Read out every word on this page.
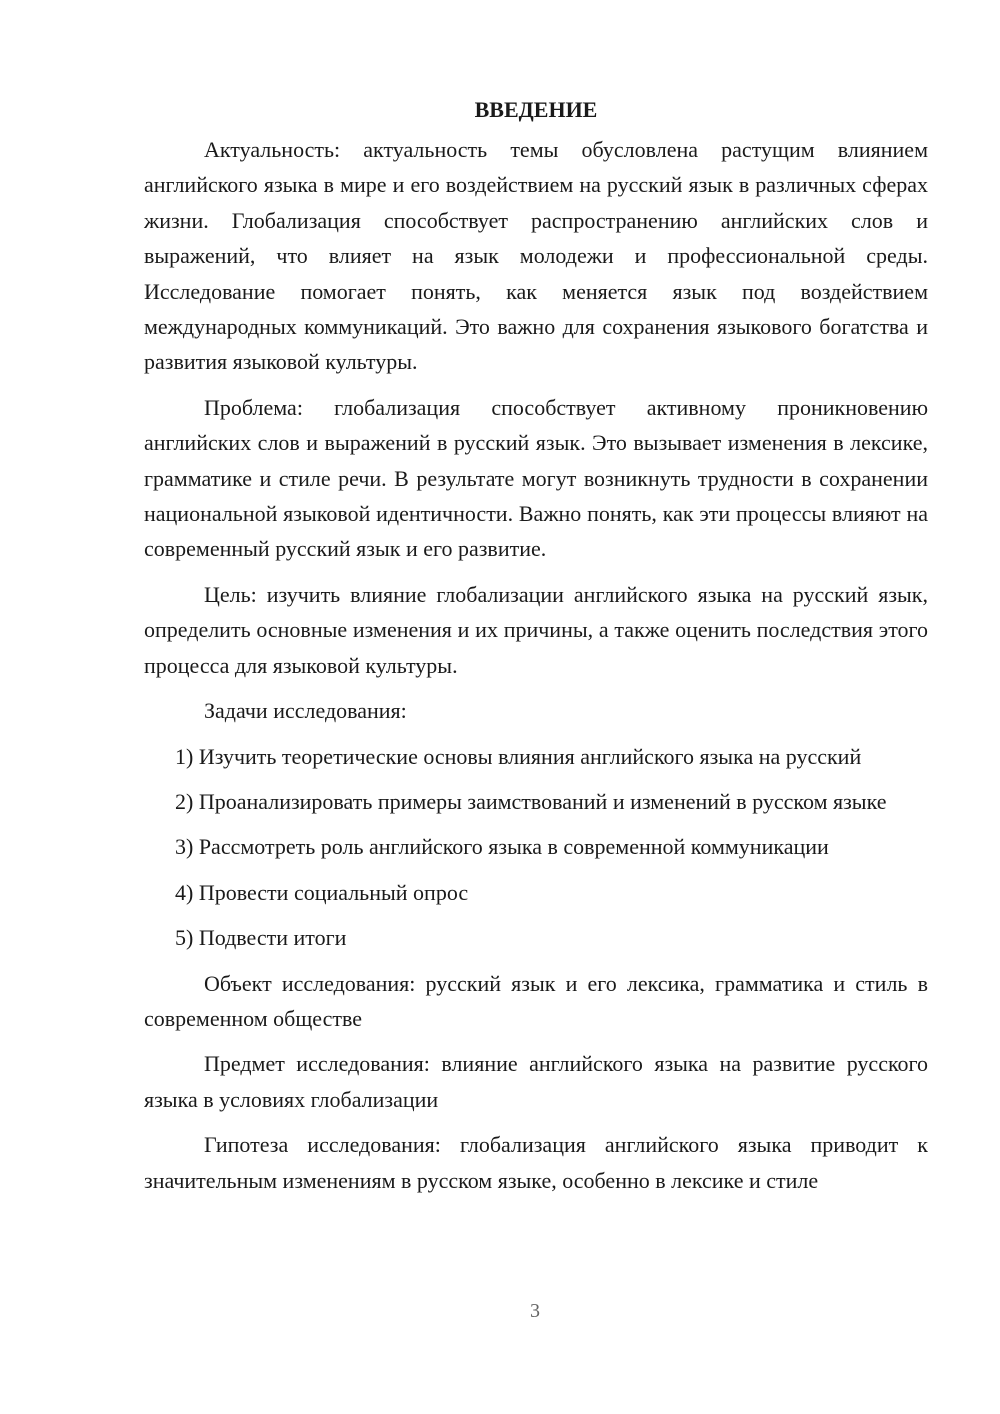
ВВЕДЕНИЕ

Актуальность: актуальность темы обусловлена растущим влиянием английского языка в мире и его воздействием на русский язык в различных сферах жизни. Глобализация способствует распространению английских слов и выражений, что влияет на язык молодежи и профессиональной среды. Исследование помогает понять, как меняется язык под воздействием международных коммуникаций. Это важно для сохранения языкового богатства и развития языковой культуры.

Проблема: глобализация способствует активному проникновению английских слов и выражений в русский язык. Это вызывает изменения в лексике, грамматике и стиле речи. В результате могут возникнуть трудности в сохранении национальной языковой идентичности. Важно понять, как эти процессы влияют на современный русский язык и его развитие.

Цель: изучить влияние глобализации английского языка на русский язык, определить основные изменения и их причины, а также оценить последствия этого процесса для языковой культуры.

Задачи исследования:

1) Изучить теоретические основы влияния английского языка на русский

2) Проанализировать примеры заимствований и изменений в русском языке

3) Рассмотреть роль английского языка в современной коммуникации

4) Провести социальный опрос

5) Подвести итоги

Объект исследования: русский язык и его лексика, грамматика и стиль в современном обществе

Предмет исследования: влияние английского языка на развитие русского языка в условиях глобализации

Гипотеза исследования: глобализация английского языка приводит к значительным изменениям в русском языке, особенно в лексике и стиле

3
